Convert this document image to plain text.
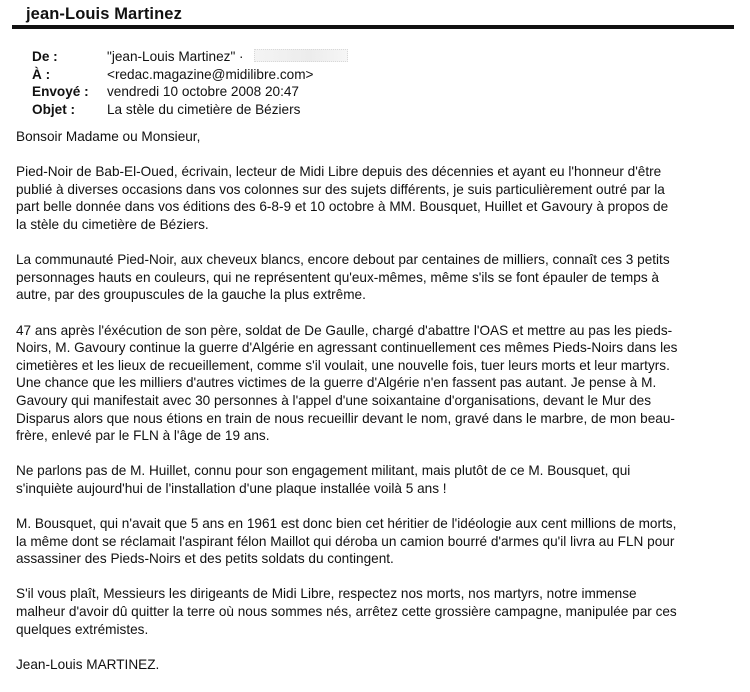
jean-Louis Martinez
De :	"jean-Louis Martinez" ·
À :	<redac.magazine@midilibre.com>
Envoyé : vendredi 10 octobre 2008 20:47
Objet : La stèle du cimetière de Béziers

Bonsoir Madame ou Monsieur,

Pied-Noir de Bab-El-Oued, écrivain, lecteur de Midi Libre depuis des décennies et ayant eu l'honneur d'être
publié à diverses occasions dans vos colonnes sur des sujets différents, je suis particulièrement outré par la
part belle donnée dans vos éditions des 6-8-9 et 10 octobre à MM. Bousquet, Huillet et Gavoury à propos de
la stèle du cimetière de Béziers.

La communauté Pied-Noir, aux cheveux blancs, encore debout par centaines de milliers, connaît ces 3 petits
personnages hauts en couleurs, qui ne représentent qu'eux-mêmes, même s'ils se font épauler de temps à
autre, par des groupuscules de la gauche la plus extrême.

47 ans après l'éxécution de son père, soldat de De Gaulle, chargé d'abattre l'OAS et mettre au pas les pieds-
Noirs, M. Gavoury continue la guerre d'Algérie en agressant continuellement ces mêmes Pieds-Noirs dans les
cimetières et les lieux de recueillement, comme s'il voulait, une nouvelle fois, tuer leurs morts et leur martyrs.
Une chance que les milliers d'autres victimes de la guerre d'Algérie n'en fassent pas autant. Je pense à M.
Gavoury qui manifestait avec 30 personnes à l'appel d'une soixantaine d'organisations, devant le Mur des
Disparus alors que nous étions en train de nous recueillir devant le nom, gravé dans le marbre, de mon beau-
frère, enlevé par le FLN à l'âge de 19 ans.

Ne parlons pas de M. Huillet, connu pour son engagement militant, mais plutôt de ce M. Bousquet, qui
s'inquiète aujourd'hui de l'installation d'une plaque installée voilà 5 ans !

M. Bousquet, qui n'avait que 5 ans en 1961 est donc bien cet héritier de l'idéologie aux cent millions de morts,
la même dont se réclamait l'aspirant félon Maillot qui déroba un camion bourré d'armes qu'il livra au FLN pour
assassiner des Pieds-Noirs et des petits soldats du contingent.

S'il vous plaît, Messieurs les dirigeants de Midi Libre, respectez nos morts, nos martyrs, notre immense
malheur d'avoir dû quitter la terre où nous sommes nés, arrêtez cette grossière campagne, manipulée par ces
quelques extrémistes.

Jean-Louis MARTINEZ.
